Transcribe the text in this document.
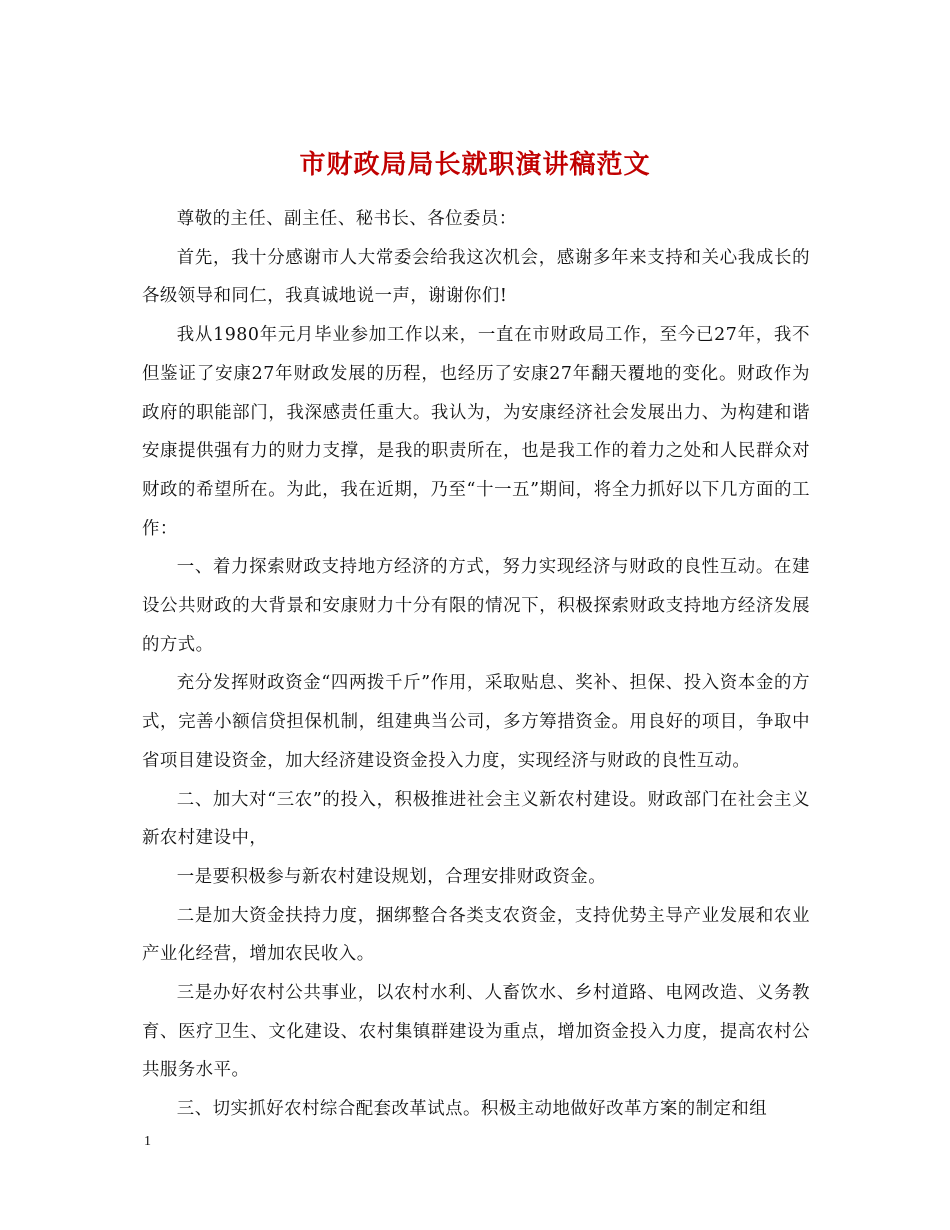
市财政局局长就职演讲稿范文

尊敬的主任、副主任、秘书长、各位委员：

首先，我十分感谢市人大常委会给我这次机会，感谢多年来支持和关心我成长的各级领导和同仁，我真诚地说一声，谢谢你们!

我从1980年元月毕业参加工作以来，一直在市财政局工作，至今已27年，我不但鉴证了安康27年财政发展的历程，也经历了安康27年翻天覆地的变化。财政作为政府的职能部门，我深感责任重大。我认为，为安康经济社会发展出力、为构建和谐安康提供强有力的财力支撑，是我的职责所在，也是我工作的着力之处和人民群众对财政的希望所在。为此，我在近期，乃至“十一五”期间，将全力抓好以下几方面的工作：

一、着力探索财政支持地方经济的方式，努力实现经济与财政的良性互动。在建设公共财政的大背景和安康财力十分有限的情况下，积极探索财政支持地方经济发展的方式。

充分发挥财政资金“四两拨千斤”作用，采取贴息、奖补、担保、投入资本金的方式，完善小额信贷担保机制，组建典当公司，多方筹措资金。用良好的项目，争取中省项目建设资金，加大经济建设资金投入力度，实现经济与财政的良性互动。

二、加大对“三农”的投入，积极推进社会主义新农村建设。财政部门在社会主义新农村建设中，

一是要积极参与新农村建设规划，合理安排财政资金。

二是加大资金扶持力度，捆绑整合各类支农资金，支持优势主导产业发展和农业产业化经营，增加农民收入。

三是办好农村公共事业，以农村水利、人畜饮水、乡村道路、电网改造、义务教育、医疗卫生、文化建设、农村集镇群建设为重点，增加资金投入力度，提高农村公共服务水平。

三、切实抓好农村综合配套改革试点。积极主动地做好改革方案的制定和组

1
